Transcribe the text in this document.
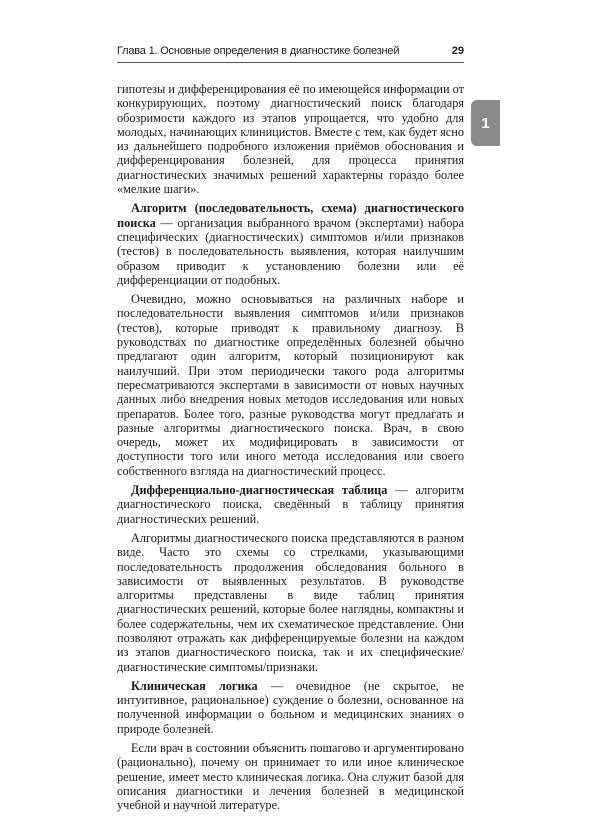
Глава 1. Основные определения в диагностике болезней	29
1

гипотезы и дифференцирования её по имеющейся информации от конкурирующих, поэтому диагностический поиск благодаря обозримости каждого из этапов упрощается, что удобно для молодых, начинающих клиницистов. Вместе с тем, как будет ясно из дальнейшего подробного изложения приёмов обоснования и дифференцирования болезней, для процесса принятия диагностических значимых решений характерны гораздо более «мелкие шаги».

Алгоритм (последовательность, схема) диагностического поиска — организация выбранного врачом (экспертами) набора специфических (диагностических) симптомов и/или признаков (тестов) в последовательность выявления, которая наилучшим образом приводит к установлению болезни или её дифференциации от подобных.

Очевидно, можно основываться на различных наборе и последовательности выявления симптомов и/или признаков (тестов), которые приводят к правильному диагнозу. В руководствах по диагностике определённых болезней обычно предлагают один алгоритм, который позиционируют как наилучший. При этом периодически такого рода алгоритмы пересматриваются экспертами в зависимости от новых научных данных либо внедрения новых методов исследования или новых препаратов. Более того, разные руководства могут предлагать и разные алгоритмы диагностического поиска. Врач, в свою очередь, может их модифицировать в зависимости от доступности того или иного метода исследования или своего собственного взгляда на диагностический процесс.

Дифференциально-диагностическая таблица — алгоритм диагностического поиска, сведённый в таблицу принятия диагностических решений.

Алгоритмы диагностического поиска представляются в разном виде. Часто это схемы со стрелками, указывающими последовательность продолжения обследования больного в зависимости от выявленных результатов. В руководстве алгоритмы представлены в виде таблиц принятия диагностических решений, которые более наглядны, компактны и более содержательны, чем их схематическое представление. Они позволяют отражать как дифференцируемые болезни на каждом из этапов диагностического поиска, так и их специфические/диагностические симптомы/признаки.

Клиническая логика — очевидное (не скрытое, не интуитивное, рациональное) суждение о болезни, основанное на полученной информации о больном и медицинских знаниях о природе болезней.

Если врач в состоянии объяснить пошагово и аргументировано (рационально), почему он принимает то или иное клиническое решение, имеет место клиническая логика. Она служит базой для описания диагностики и лечения болезней в медицинской учебной и научной литературе.
